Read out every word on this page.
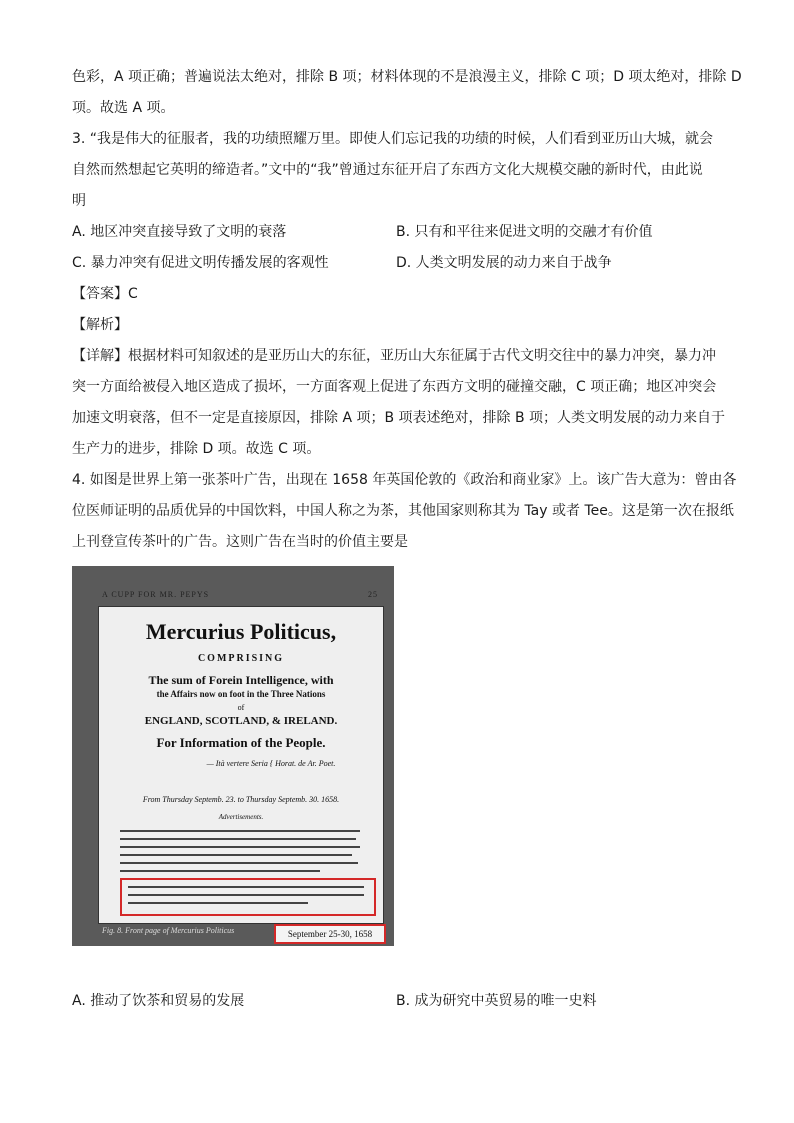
色彩，A 项正确；普遍说法太绝对，排除 B 项；材料体现的不是浪漫主义，排除 C 项；D 项太绝对，排除 D

项。故选 A 项。

3. “我是伟大的征服者，我的功绩照耀万里。即使人们忘记我的功绩的时候，人们看到亚历山大城，就会

自然而然想起它英明的缔造者。”文中的“我”曾通过东征开启了东西方文化大规模交融的新时代，由此说

明

A. 地区冲突直接导致了文明的衰落	B. 只有和平往来促进文明的交融才有价值
C. 暴力冲突有促进文明传播发展的客观性	D. 人类文明发展的动力来自于战争

【答案】C

【解析】

【详解】根据材料可知叙述的是亚历山大的东征，亚历山大东征属于古代文明交往中的暴力冲突，暴力冲

突一方面给被侵入地区造成了损坏，一方面客观上促进了东西方文明的碰撞交融，C 项正确；地区冲突会

加速文明衰落，但不一定是直接原因，排除 A 项；B 项表述绝对，排除 B 项；人类文明发展的动力来自于

生产力的进步，排除 D 项。故选 C 项。

4. 如图是世界上第一张茶叶广告，出现在 1658 年英国伦敦的《政治和商业家》上。该广告大意为：曾由各

位医师证明的品质优异的中国饮料，中国人称之为茶，其他国家则称其为 Tay 或者 Tee。这是第一次在报纸

上刊登宣传茶叶的广告。这则广告在当时的价值主要是

A CUPP FOR MR. PEPYS	25
Mercurius Politicus,
COMPRISING
The sum of Forein Intelligence, with
the Affairs now on foot in the Three Nations
of
ENGLAND, SCOTLAND, & IRELAND.
For Information of the People.
— Ità vertere Seria { Horat. de Ar. Poet.
From Thursday Septemb. 23. to Thursday Septemb. 30. 1658.
Advertisements.
Fig. 8. Front page of Mercurius Politicus	September 25-30, 1658
A. 推动了饮茶和贸易的发展	B. 成为研究中英贸易的唯一史料
